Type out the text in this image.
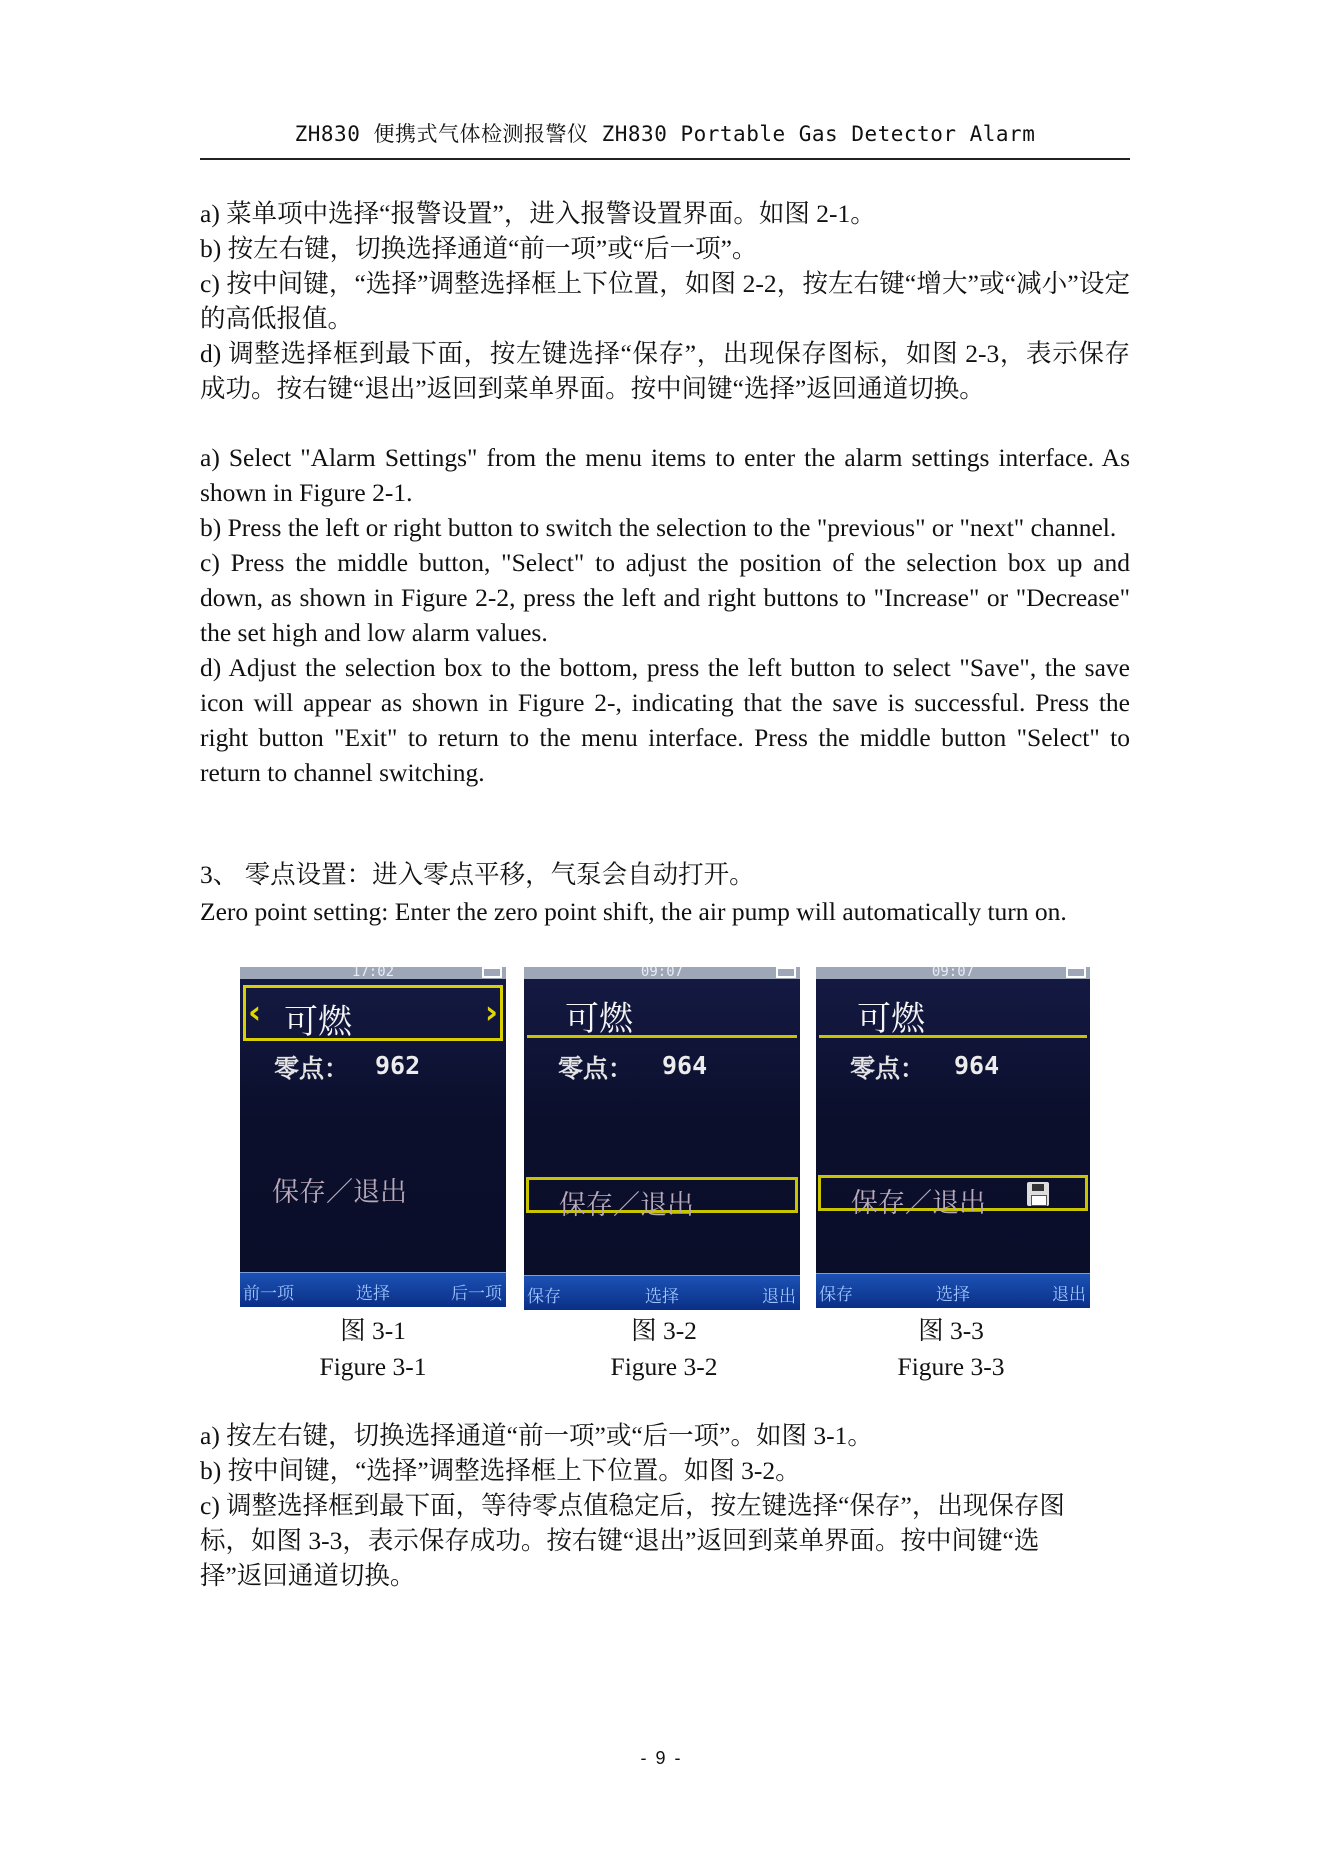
ZH830 便携式气体检测报警仪 ZH830 Portable Gas Detector Alarm

a) 菜单项中选择“报警设置”，进入报警设置界面。如图 2-1。

b) 按左右键，切换选择通道“前一项”或“后一项”。

c) 按中间键，“选择”调整选择框上下位置，如图 2-2，按左右键“增大”或“减小”设定的高低报值。

d) 调整选择框到最下面，按左键选择“保存”，出现保存图标，如图 2-3，表示保存成功。按右键“退出”返回到菜单界面。按中间键“选择”返回通道切换。

a) Select "Alarm Settings" from the menu items to enter the alarm settings interface. As shown in Figure 2-1.

b) Press the left or right button to switch the selection to the "previous" or "next" channel.

c) Press the middle button, "Select" to adjust the position of the selection box up and down, as shown in Figure 2-2, press the left and right buttons to "Increase" or "Decrease" the set high and low alarm values.

d) Adjust the selection box to the bottom, press the left button to select "Save", the save icon will appear as shown in Figure 2-, indicating that the save is successful. Press the right button "Exit" to return to the menu interface. Press the middle button "Select" to return to channel switching.

3、 零点设置：进入零点平移，气泵会自动打开。

Zero point setting: Enter the zero point shift, the air pump will automatically turn on.

17:02
‹ 可燃	›
零点： 962
保存／退出
前一项	选择	后一项
09:07
可燃
零点： 964
保存／退出
保存	选择	退出
09:07
可燃
零点： 964
保存／退出
保存	选择	退出
图 3-1
Figure 3-1
图 3-2
Figure 3-2
图 3-3
Figure 3-3

a) 按左右键，切换选择通道“前一项”或“后一项”。如图 3-1。

b) 按中间键，“选择”调整选择框上下位置。如图 3-2。

c) 调整选择框到最下面，等待零点值稳定后，按左键选择“保存”，出现保存图标，如图 3-3，表示保存成功。按右键“退出”返回到菜单界面。按中间键“选择”返回通道切换。

- 9 -
